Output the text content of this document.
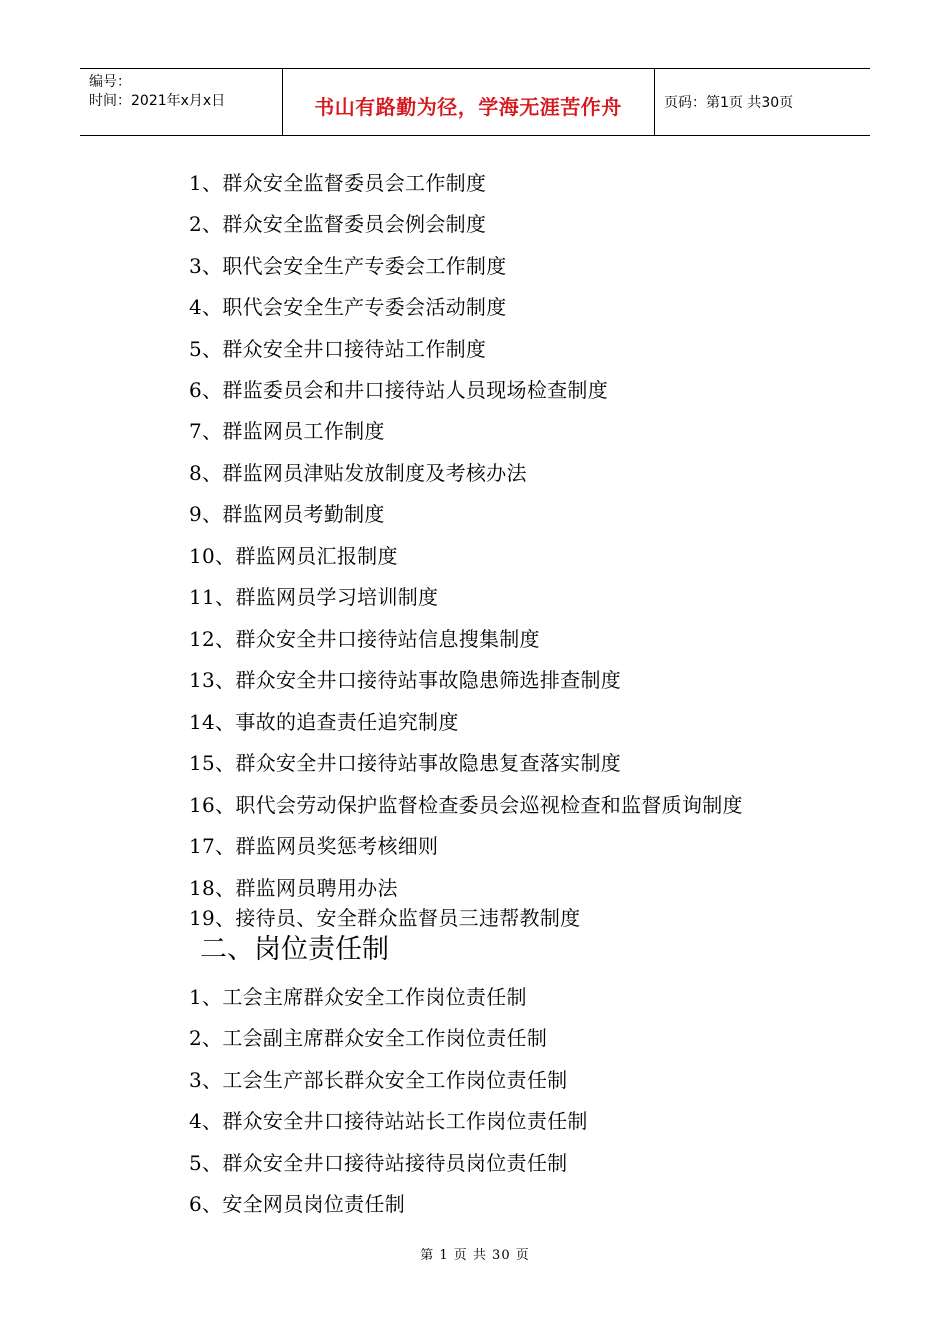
编号：
时间：2021年x月x日	书山有路勤为径，学海无涯苦作舟	页码：第1页 共30页
1、群众安全监督委员会工作制度
2、群众安全监督委员会例会制度
3、职代会安全生产专委会工作制度
4、职代会安全生产专委会活动制度
5、群众安全井口接待站工作制度
6、群监委员会和井口接待站人员现场检查制度
7、群监网员工作制度
8、群监网员津贴发放制度及考核办法
9、群监网员考勤制度
10、群监网员汇报制度
11、群监网员学习培训制度
12、群众安全井口接待站信息搜集制度
13、群众安全井口接待站事故隐患筛选排查制度
14、事故的追查责任追究制度
15、群众安全井口接待站事故隐患复查落实制度
16、职代会劳动保护监督检查委员会巡视检查和监督质询制度
17、群监网员奖惩考核细则
18、群监网员聘用办法
19、接待员、安全群众监督员三违帮教制度
二、岗位责任制
1、工会主席群众安全工作岗位责任制
2、工会副主席群众安全工作岗位责任制
3、工会生产部长群众安全工作岗位责任制
4、群众安全井口接待站站长工作岗位责任制
5、群众安全井口接待站接待员岗位责任制
6、安全网员岗位责任制
第 1 页 共 30 页
